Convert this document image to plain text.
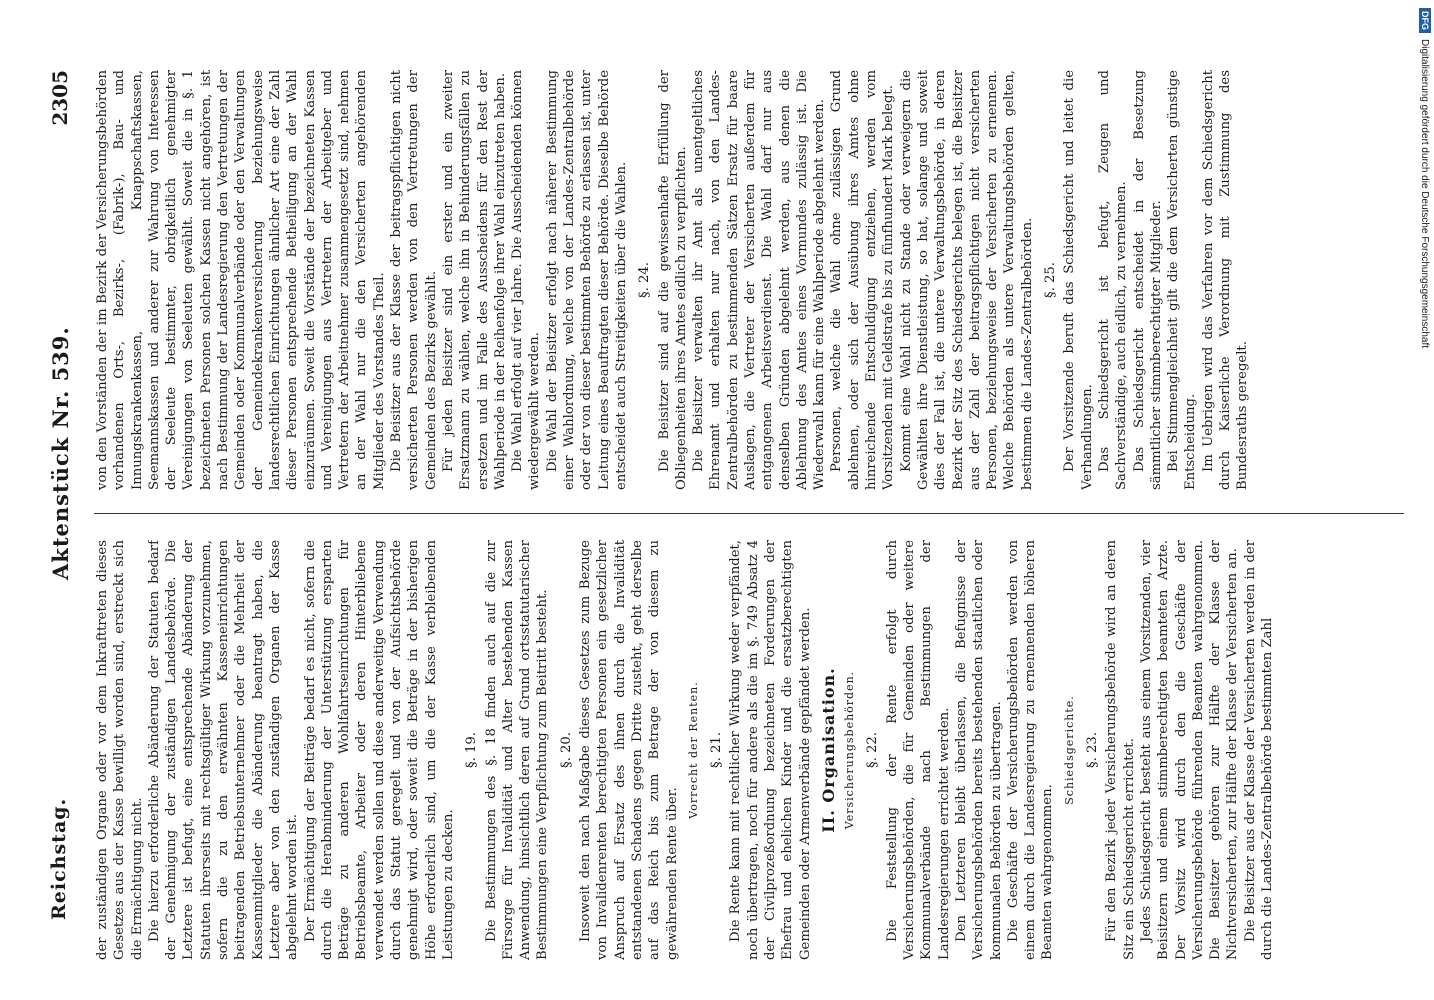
Reichstag.
Aktenstück Nr. 539.
2305

der zuständigen Organe oder vor dem Inkrafttreten dieses Gesetzes aus der Kasse bewilligt worden sind, erstreckt sich die Ermächtigung nicht. Die hierzu erforderliche Abänderung der Statuten bedarf der Genehmigung der zuständigen Landesbehörde. Die Letztere ist befugt, eine entsprechende Abänderung der Statuten ihrerseits mit rechtsgültiger Wirkung vorzunehmen, sofern die zu den erwähnten Kasseneinrichtungen beitragenden Betriebsunternehmer oder die Mehrheit der Kassenmitglieder die Abänderung beantragt haben, die Letztere aber von den zuständigen Organen der Kasse abgelehnt worden ist. Der Ermächtigung der Beiträge bedarf es nicht, sofern die durch die Herabminderung der Unterstützung ersparten Beträge zu anderen Wohlfahrtseinrichtungen für Betriebsbeamte, Arbeiter oder deren Hinterbliebene verwendet werden sollen und diese anderweitige Verwendung durch das Statut geregelt und von der Aufsichtsbehörde genehmigt wird, oder soweit die Beträge in der bisherigen Höhe erforderlich sind, um die der Kasse verbleibenden Leistungen zu decken.

§. 19. Die Bestimmungen des §. 18 finden auch auf die zur Fürsorge für Invalidität und Alter bestehenden Kassen Anwendung, hinsichtlich deren auf Grund ortsstatutarischer Bestimmungen eine Verpflichtung zum Beitritt besteht. §. 20. Insoweit den nach Maßgabe dieses Gesetzes zum Bezuge von Invalidenrenten berechtigten Personen ein gesetzlicher Anspruch auf Ersatz des ihnen durch die Invalidität entstandenen Schadens gegen Dritte zusteht, geht derselbe auf das Reich bis zum Betrage der von diesem zu gewährenden Rente über.

Vorrecht der Renten. §. 21. Die Rente kann mit rechtlicher Wirkung weder verpfändet, noch übertragen, noch für andere als die im §. 749 Absatz 4 der Civilprozeßordnung bezeichneten Forderungen der Ehefrau und ehelichen Kinder und die ersatzberechtigten Gemeinden oder Armenverbände gepfändet werden. II. Organisation. Versicherungsbehörden. §. 22. Die Feststellung der Rente erfolgt durch Versicherungsbehörden, die für Gemeinden oder weitere Kommunalverbände nach Bestimmungen der Landesregierungen errichtet werden. Den Letzteren bleibt überlassen, die Befugnisse der Versicherungsbehörden bereits bestehenden staatlichen oder kommunalen Behörden zu übertragen. Die Geschäfte der Versicherungsbehörden werden von einem durch die Landesregierung zu ernennenden höheren Beamten wahrgenommen.

Schiedsgerichte. §. 23. Für den Bezirk jeder Versicherungsbehörde wird an deren Sitz ein Schiedsgericht errichtet. Jedes Schiedsgericht besteht aus einem Vorsitzenden, vier Beisitzern und einem stimmberechtigten beamteten Arzte. Der Vorsitz wird durch den die Geschäfte der Versicherungsbehörde führenden Beamten wahrgenommen. Die Beisitzer gehören zur Hälfte der Klasse der Nichtversicherten, zur Hälfte der Klasse der Versicherten an. Die Beisitzer aus der Klasse der Versicherten werden in der durch die Landes-Zentralbehörde bestimmten Zahl

von den Vorständen der im Bezirk der Versicherungsbehörden vorhandenen Orts-, Bezirks-, (Fabrik-), Bau- und Innungskrankenkassen, Knappschaftskassen, Seemannskassen und anderer zur Wahrung von Interessen der Seeleute bestimmter, obrigkeitlich genehmigter Vereinigungen von Seeleuten gewählt. Soweit die in §. 1 bezeichneten Personen solchen Kassen nicht angehören, ist nach Bestimmung der Landesregierung den Vertretungen der Gemeinden oder Kommunalverbände oder den Verwaltungen der Gemeindekrankenversicherung beziehungsweise landesrechtlichen Einrichtungen ähnlicher Art eine der Zahl dieser Personen entsprechende Betheiligung an der Wahl einzuräumen. Soweit die Vorstände der bezeichneten Kassen und Vereinigungen aus Vertretern der Arbeitgeber und Vertretern der Arbeitnehmer zusammengesetzt sind, nehmen an der Wahl nur die den Versicherten angehörenden Mitglieder des Vorstandes Theil. Die Beisitzer aus der Klasse der beitragspflichtigen nicht versicherten Personen werden von den Vertretungen der Gemeinden des Bezirks gewählt. Für jeden Beisitzer sind ein erster und ein zweiter Ersatzmann zu wählen, welche ihn in Behinderungsfällen zu ersetzen und im Falle des Ausscheidens für den Rest der Wahlperiode in der Reihenfolge ihrer Wahl einzutreten haben. Die Wahl erfolgt auf vier Jahre. Die Ausscheidenden können wiedergewählt werden. Die Wahl der Beisitzer erfolgt nach näherer Bestimmung einer Wahlordnung, welche von der Landes-Zentralbehörde oder der von dieser bestimmten Behörde zu erlassen ist, unter Leitung eines Beauftragten dieser Behörde. Dieselbe Behörde entscheidet auch Streitigkeiten über die Wahlen. §. 24. Die Beisitzer sind auf die gewissenhafte Erfüllung der Obliegenheiten ihres Amtes eidlich zu verpflichten. Die Beisitzer verwalten ihr Amt als unentgeltliches Ehrenamt und erhalten nur nach, von den Landes-Zentralbehörden zu bestimmenden Sätzen Ersatz für baare Auslagen, die Vertreter der Versicherten außerdem für entgangenen Arbeitsverdienst. Die Wahl darf nur aus denselben Gründen abgelehnt werden, aus denen die Ablehnung des Amtes eines Vormundes zulässig ist. Die Wiederwahl kann für eine Wahlperiode abgelehnt werden. Personen, welche die Wahl ohne zulässigen Grund ablehnen, oder sich der Ausübung ihres Amtes ohne hinreichende Entschuldigung entziehen, werden vom Vorsitzenden mit Geldstrafe bis zu fünfhundert Mark belegt. Kommt eine Wahl nicht zu Stande oder verweigern die Gewählten ihre Dienstleistung, so hat, solange und soweit dies der Fall ist, die untere Verwaltungsbehörde, in deren Bezirk der Sitz des Schiedsgerichts belegen ist, die Beisitzer aus der Zahl der beitragspflichtigen nicht versicherten Personen, beziehungsweise der Versicherten zu ernennen. Welche Behörden als untere Verwaltungsbehörden gelten, bestimmen die Landes-Zentralbehörden. §. 25. Der Vorsitzende beruft das Schiedsgericht und leitet die Verhandlungen. Das Schiedsgericht ist befugt, Zeugen und Sachverständige, auch eidlich, zu vernehmen. Das Schiedsgericht entscheidet in der Besetzung sämmtlicher stimmberechtigter Mitglieder. Bei Stimmengleichheit gilt die dem Versicherten günstige Entscheidung. Im Uebrigen wird das Verfahren vor dem Schiedsgericht durch Kaiserliche Verordnung mit Zustimmung des Bundesraths geregelt.

DFGDigitalisierung gefördert durch die Deutsche Forschungsgemeinschaft
